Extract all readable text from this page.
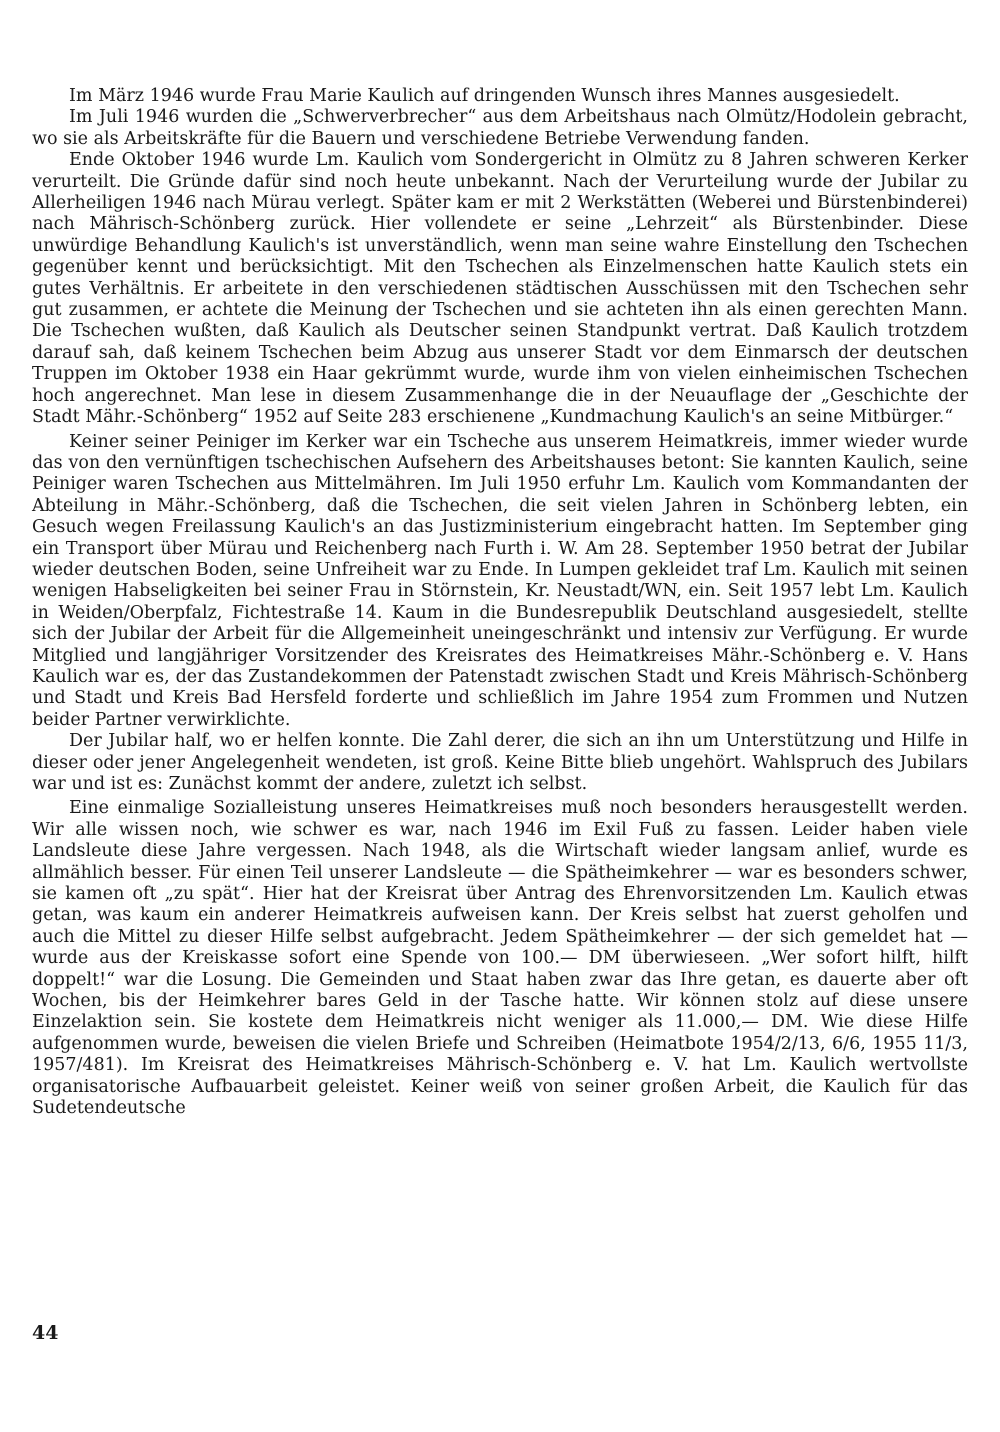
Im März 1946 wurde Frau Marie Kaulich auf dringenden Wunsch ihres Mannes ausgesiedelt.

Im Juli 1946 wurden die „Schwerverbrecher“ aus dem Arbeitshaus nach Olmütz/Hodolein gebracht, wo sie als Arbeitskräfte für die Bauern und verschiedene Betriebe Verwendung fanden.

Ende Oktober 1946 wurde Lm. Kaulich vom Sondergericht in Olmütz zu 8 Jahren schweren Kerker verurteilt. Die Gründe dafür sind noch heute unbekannt. Nach der Verurteilung wurde der Jubilar zu Allerheiligen 1946 nach Mürau verlegt. Später kam er mit 2 Werkstätten (Weberei und Bürstenbinderei) nach Mährisch-Schönberg zurück. Hier vollendete er seine „Lehrzeit“ als Bürstenbinder. Diese unwürdige Behandlung Kaulich's ist unverständlich, wenn man seine wahre Einstellung den Tschechen gegenüber kennt und berücksichtigt. Mit den Tschechen als Einzelmenschen hatte Kaulich stets ein gutes Verhältnis. Er arbeitete in den verschiedenen städtischen Ausschüssen mit den Tschechen sehr gut zusammen, er achtete die Meinung der Tschechen und sie achteten ihn als einen gerechten Mann. Die Tschechen wußten, daß Kaulich als Deutscher seinen Standpunkt vertrat. Daß Kaulich trotzdem darauf sah, daß keinem Tschechen beim Abzug aus unserer Stadt vor dem Einmarsch der deutschen Truppen im Oktober 1938 ein Haar gekrümmt wurde, wurde ihm von vielen einheimischen Tschechen hoch angerechnet. Man lese in diesem Zusammenhange die in der Neuauflage der „Geschichte der Stadt Mähr.-Schönberg“ 1952 auf Seite 283 erschienene „Kundmachung Kaulich's an seine Mitbürger.“

Keiner seiner Peiniger im Kerker war ein Tscheche aus unserem Heimatkreis, immer wieder wurde das von den vernünftigen tschechischen Aufsehern des Arbeitshauses betont: Sie kannten Kaulich, seine Peiniger waren Tschechen aus Mittelmähren. Im Juli 1950 erfuhr Lm. Kaulich vom Kommandanten der Abteilung in Mähr.-Schönberg, daß die Tschechen, die seit vielen Jahren in Schönberg lebten, ein Gesuch wegen Freilassung Kaulich's an das Justizministerium eingebracht hatten. Im September ging ein Transport über Mürau und Reichenberg nach Furth i. W. Am 28. September 1950 betrat der Jubilar wieder deutschen Boden, seine Unfreiheit war zu Ende. In Lumpen gekleidet traf Lm. Kaulich mit seinen wenigen Habseligkeiten bei seiner Frau in Störnstein, Kr. Neustadt/WN, ein. Seit 1957 lebt Lm. Kaulich in Weiden/Oberpfalz, Fichtestraße 14. Kaum in die Bundesrepublik Deutschland ausgesiedelt, stellte sich der Jubilar der Arbeit für die Allgemeinheit uneingeschränkt und intensiv zur Verfügung. Er wurde Mitglied und langjähriger Vorsitzender des Kreisrates des Heimatkreises Mähr.-Schönberg e. V. Hans Kaulich war es, der das Zustandekommen der Patenstadt zwischen Stadt und Kreis Mährisch-Schönberg und Stadt und Kreis Bad Hersfeld forderte und schließlich im Jahre 1954 zum Frommen und Nutzen beider Partner verwirklichte.

Der Jubilar half, wo er helfen konnte. Die Zahl derer, die sich an ihn um Unterstützung und Hilfe in dieser oder jener Angelegenheit wendeten, ist groß. Keine Bitte blieb ungehört. Wahlspruch des Jubilars war und ist es: Zunächst kommt der andere, zuletzt ich selbst.

Eine einmalige Sozialleistung unseres Heimatkreises muß noch besonders herausgestellt werden. Wir alle wissen noch, wie schwer es war, nach 1946 im Exil Fuß zu fassen. Leider haben viele Landsleute diese Jahre vergessen. Nach 1948, als die Wirtschaft wieder langsam anlief, wurde es allmählich besser. Für einen Teil unserer Landsleute — die Spätheimkehrer — war es besonders schwer, sie kamen oft „zu spät“. Hier hat der Kreisrat über Antrag des Ehrenvorsitzenden Lm. Kaulich etwas getan, was kaum ein anderer Heimatkreis aufweisen kann. Der Kreis selbst hat zuerst geholfen und auch die Mittel zu dieser Hilfe selbst aufgebracht. Jedem Spätheimkehrer — der sich gemeldet hat — wurde aus der Kreiskasse sofort eine Spende von 100.— DM überwieseen. „Wer sofort hilft, hilft doppelt!“ war die Losung. Die Gemeinden und Staat haben zwar das Ihre getan, es dauerte aber oft Wochen, bis der Heimkehrer bares Geld in der Tasche hatte. Wir können stolz auf diese unsere Einzelaktion sein. Sie kostete dem Heimatkreis nicht weniger als 11.000,— DM. Wie diese Hilfe aufgenommen wurde, beweisen die vielen Briefe und Schreiben (Heimatbote 1954/2/13, 6/6, 1955 11/3, 1957/481). Im Kreisrat des Heimatkreises Mährisch-Schönberg e. V. hat Lm. Kaulich wertvollste organisatorische Aufbauarbeit geleistet. Keiner weiß von seiner großen Arbeit, die Kaulich für das Sudetendeutsche

44
